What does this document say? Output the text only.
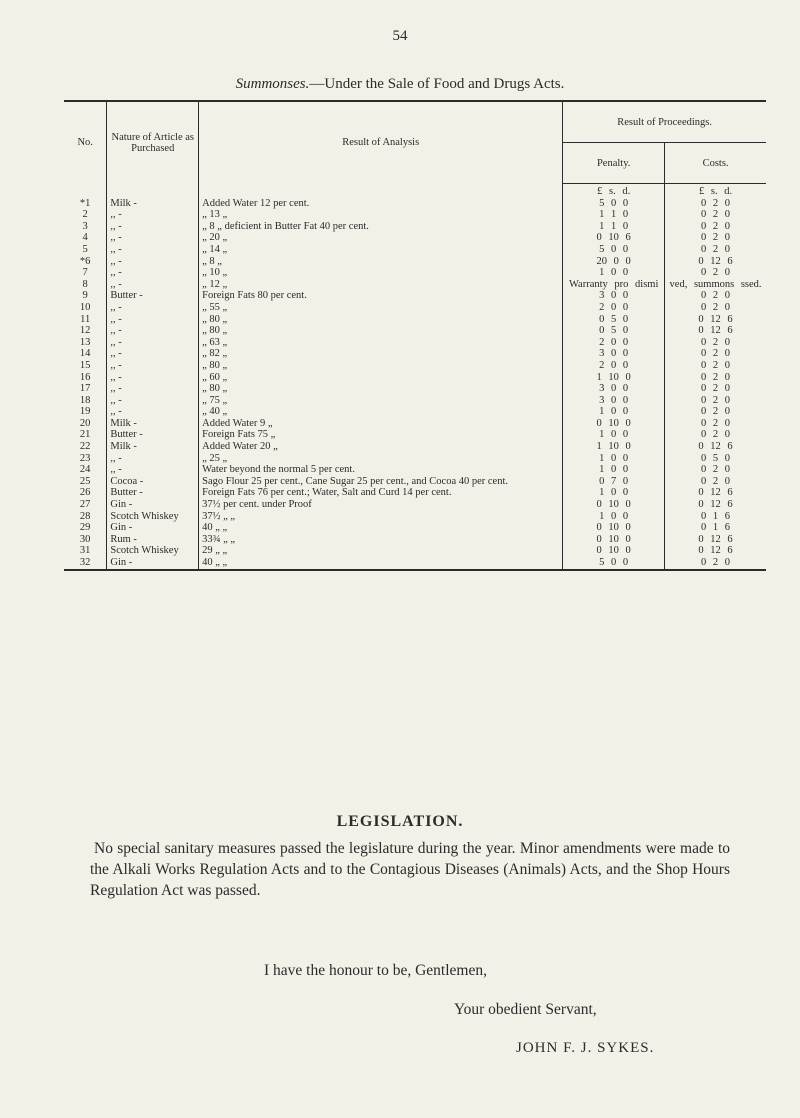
54
Summonses.—Under the Sale of Food and Drugs Acts.
No.	Nature of Article as Purchased	Result of Analysis	Result of Proceedings.	
			Penalty.	Costs.
			£ s. d.	£ s. d.
*1	Milk -	Added Water 12 per cent.	5 0 0	0 2 0
2	,, -	„ 13 „	1 1 0	0 2 0
3	,, -	„ 8 „ deficient in Butter Fat 40 per cent.	1 1 0	0 2 0
4	,, -	„ 20 „	0 10 6	0 2 0
5	,, -	„ 14 „	5 0 0	0 2 0
*6	,, -	„ 8 „	20 0 0	0 12 6
7	,, -	„ 10 „	1 0 0	0 2 0
8	,, -	„ 12 „	Warranty pro dismi	ved, summons ssed.
9	Butter -	Foreign Fats 80 per cent.	3 0 0	0 2 0
10	,, -	„ 55 „	2 0 0	0 2 0
11	,, -	„ 80 „	0 5 0	0 12 6
12	,, -	„ 80 „	0 5 0	0 12 6
13	,, -	„ 63 „	2 0 0	0 2 0
14	,, -	„ 82 „	3 0 0	0 2 0
15	,, -	„ 80 „	2 0 0	0 2 0
16	,, -	„ 60 „	1 10 0	0 2 0
17	,, -	„ 80 „	3 0 0	0 2 0
18	,, -	„ 75 „	3 0 0	0 2 0
19	,, -	„ 40 „	1 0 0	0 2 0
20	Milk -	Added Water 9 „	0 10 0	0 2 0
21	Butter -	Foreign Fats 75 „	1 0 0	0 2 0
22	Milk -	Added Water 20 „	1 10 0	0 12 6
23	,, -	„ 25 „	1 0 0	0 5 0
24	,, -	Water beyond the normal 5 per cent.	1 0 0	0 2 0
25	Cocoa -	Sago Flour 25 per cent., Cane Sugar 25 per cent., and Cocoa 40 per cent.	0 7 0	0 2 0
26	Butter -	Foreign Fats 76 per cent.; Water, Salt and Curd 14 per cent.	1 0 0	0 12 6
27	Gin -	37½ per cent. under Proof	0 10 0	0 12 6
28	Scotch Whiskey	37½ „ „	1 0 0	0 1 6
29	Gin -	40 „ „	0 10 0	0 1 6
30	Rum -	33¾ „ „	0 10 0	0 12 6
31	Scotch Whiskey	29 „ „	0 10 0	0 12 6
32	Gin -	40 „ „	5 0 0	0 2 0
LEGISLATION.
No special sanitary measures passed the legislature during the year. Minor amendments were made to the Alkali Works Regulation Acts and to the Contagious Diseases (Animals) Acts, and the Shop Hours Regulation Act was passed.
I have the honour to be, Gentlemen,
Your obedient Servant,
JOHN F. J. SYKES.
